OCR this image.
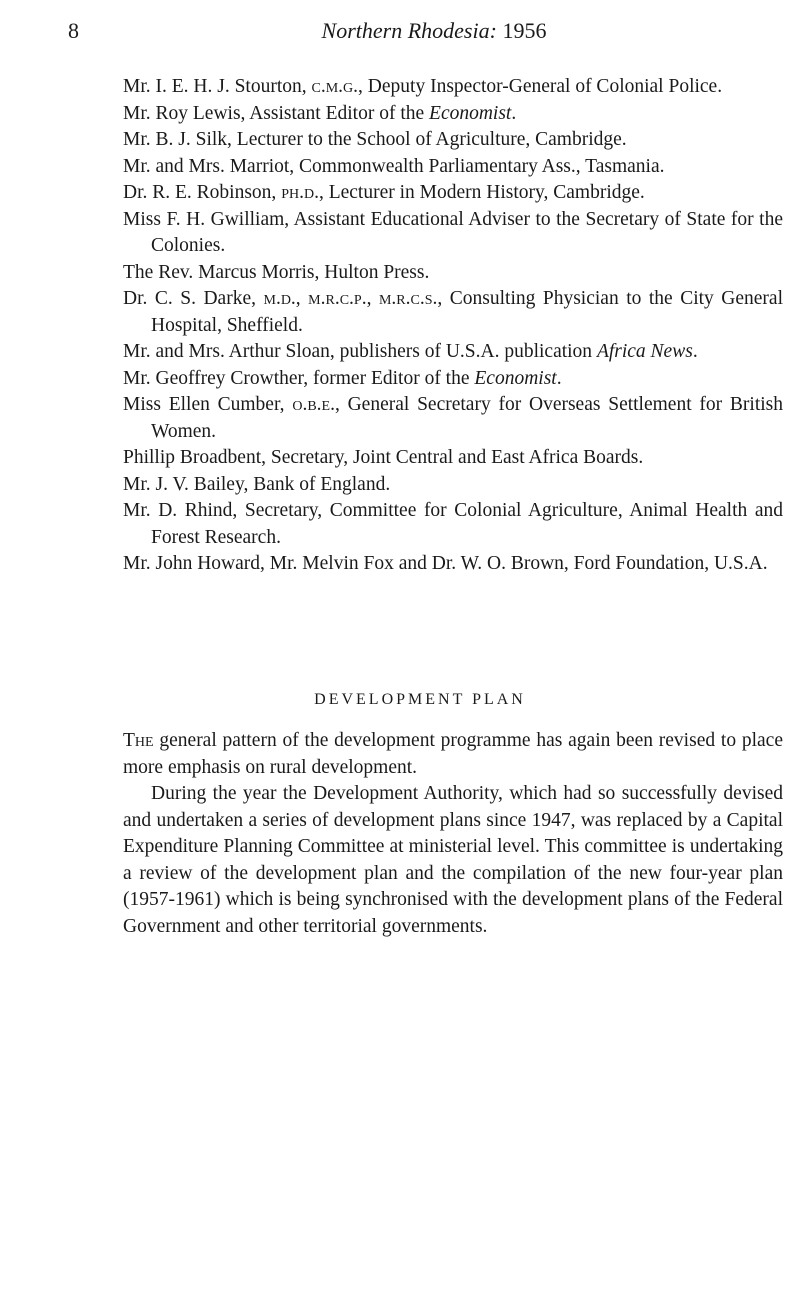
8	Northern Rhodesia: 1956

Mr. I. E. H. J. Stourton, c.m.g., Deputy Inspector-General of Colonial Police.

Mr. Roy Lewis, Assistant Editor of the Economist.

Mr. B. J. Silk, Lecturer to the School of Agriculture, Cambridge.

Mr. and Mrs. Marriot, Commonwealth Parliamentary Ass., Tasmania.

Dr. R. E. Robinson, ph.d., Lecturer in Modern History, Cambridge.

Miss F. H. Gwilliam, Assistant Educational Adviser to the Secretary of State for the Colonies.

The Rev. Marcus Morris, Hulton Press.

Dr. C. S. Darke, m.d., m.r.c.p., m.r.c.s., Consulting Physician to the City General Hospital, Sheffield.

Mr. and Mrs. Arthur Sloan, publishers of U.S.A. publication Africa News.

Mr. Geoffrey Crowther, former Editor of the Economist.

Miss Ellen Cumber, o.b.e., General Secretary for Overseas Settlement for British Women.

Phillip Broadbent, Secretary, Joint Central and East Africa Boards.

Mr. J. V. Bailey, Bank of England.

Mr. D. Rhind, Secretary, Committee for Colonial Agriculture, Animal Health and Forest Research.

Mr. John Howard, Mr. Melvin Fox and Dr. W. O. Brown, Ford Foundation, U.S.A.

DEVELOPMENT PLAN

The general pattern of the development programme has again been revised to place more emphasis on rural development.

During the year the Development Authority, which had so successfully devised and undertaken a series of development plans since 1947, was replaced by a Capital Expenditure Planning Committee at ministerial level. This committee is undertaking a review of the development plan and the compilation of the new four-year plan (1957-1961) which is being synchronised with the development plans of the Federal Government and other territorial governments.
